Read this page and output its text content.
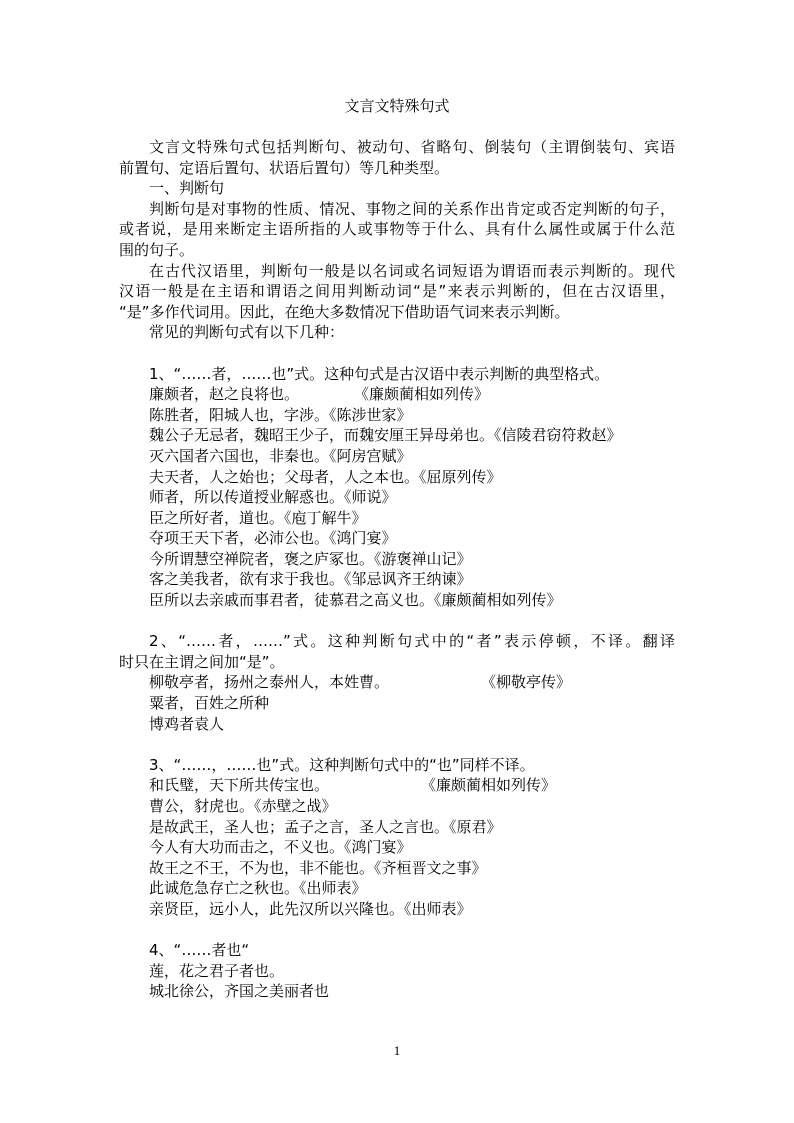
文言文特殊句式
文言文特殊句式包括判断句、被动句、省略句、倒装句（主谓倒装句、宾语
前置句、定语后置句、状语后置句）等几种类型。
一、判断句
判断句是对事物的性质、情况、事物之间的关系作出肯定或否定判断的句子，
或者说，是用来断定主语所指的人或事物等于什么、具有什么属性或属于什么范
围的句子。
在古代汉语里，判断句一般是以名词或名词短语为谓语而表示判断的。现代
汉语一般是在主语和谓语之间用判断动词“是”来表示判断的，但在古汉语里，
“是”多作代词用。因此，在绝大多数情况下借助语气词来表示判断。
常见的判断句式有以下几种：
1、“……者，……也”式。这种句式是古汉语中表示判断的典型格式。
廉颇者，赵之良将也。	《廉颇蔺相如列传》
陈胜者，阳城人也，字涉。《陈涉世家》
魏公子无忌者，魏昭王少子，而魏安厘王异母弟也。《信陵君窃符救赵》
灭六国者六国也，非秦也。《阿房宫赋》
夫天者，人之始也；父母者，人之本也。《屈原列传》
师者，所以传道授业解惑也。《师说》
臣之所好者，道也。《庖丁解牛》
夺项王天下者，必沛公也。《鸿门宴》
今所谓慧空禅院者，褒之庐冢也。《游褒禅山记》
客之美我者，欲有求于我也。《邹忌讽齐王纳谏》
臣所以去亲戚而事君者，徒慕君之高义也。《廉颇蔺相如列传》
2、“……者，……”式。这种判断句式中的“者”表示停顿，不译。翻译
时只在主谓之间加“是”。
柳敬亭者，扬州之泰州人，本姓曹。	《柳敬亭传》
粟者，百姓之所种
博鸡者袁人
3、“……，……也”式。这种判断句式中的“也”同样不译。
和氏璧，天下所共传宝也。	《廉颇蔺相如列传》
曹公，豺虎也。《赤壁之战》
是故武王，圣人也；孟子之言，圣人之言也。《原君》
今人有大功而击之，不义也。《鸿门宴》
故王之不王，不为也，非不能也。《齐桓晋文之事》
此诚危急存亡之秋也。《出师表》
亲贤臣，远小人，此先汉所以兴隆也。《出师表》
4、“……者也“
莲，花之君子者也。
城北徐公，齐国之美丽者也
1
